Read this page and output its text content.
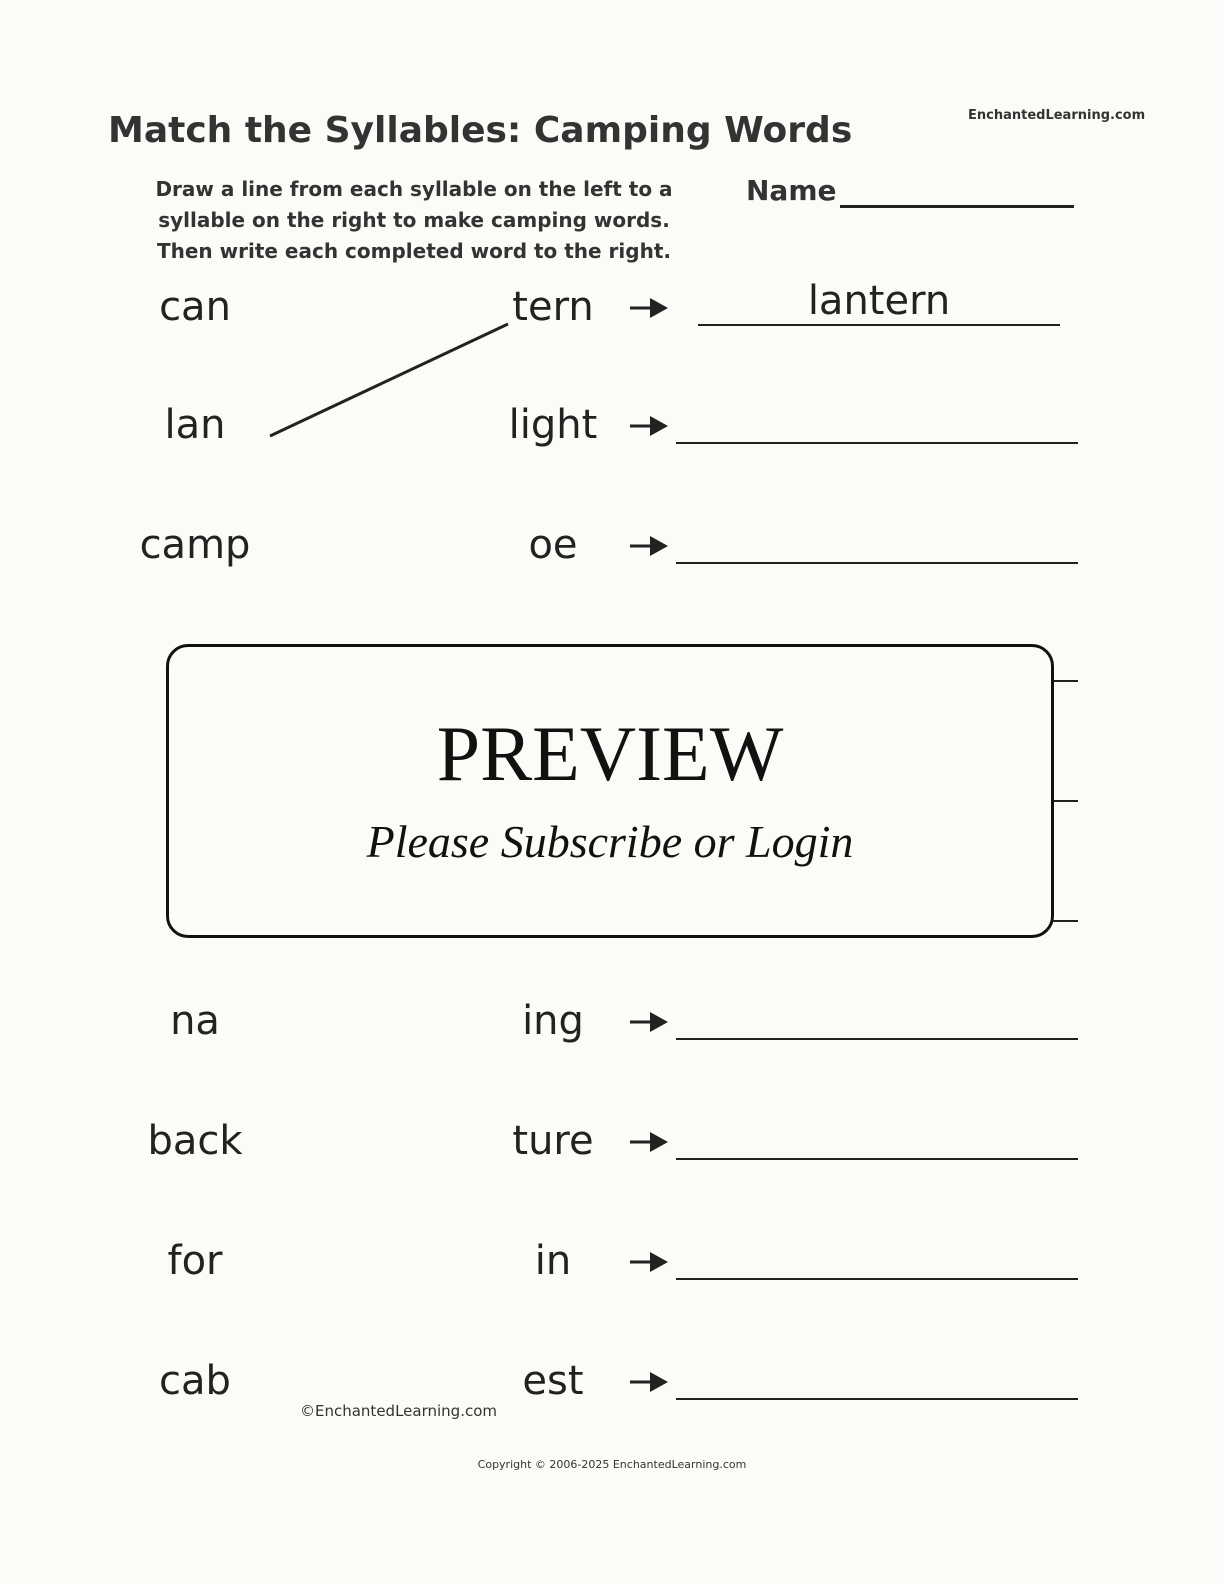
Match the Syllables: Camping Words	EnchantedLearning.com
Draw a line from each syllable on the left to a syllable on the right to make camping words. Then write each completed word to the right.
Name
can	tern	lantern
lan	light
camp	oe
na	ing
back	ture
for	in
cab	est
PREVIEW
Please Subscribe or Login
©EnchantedLearning.com
Copyright © 2006-2025 EnchantedLearning.com
